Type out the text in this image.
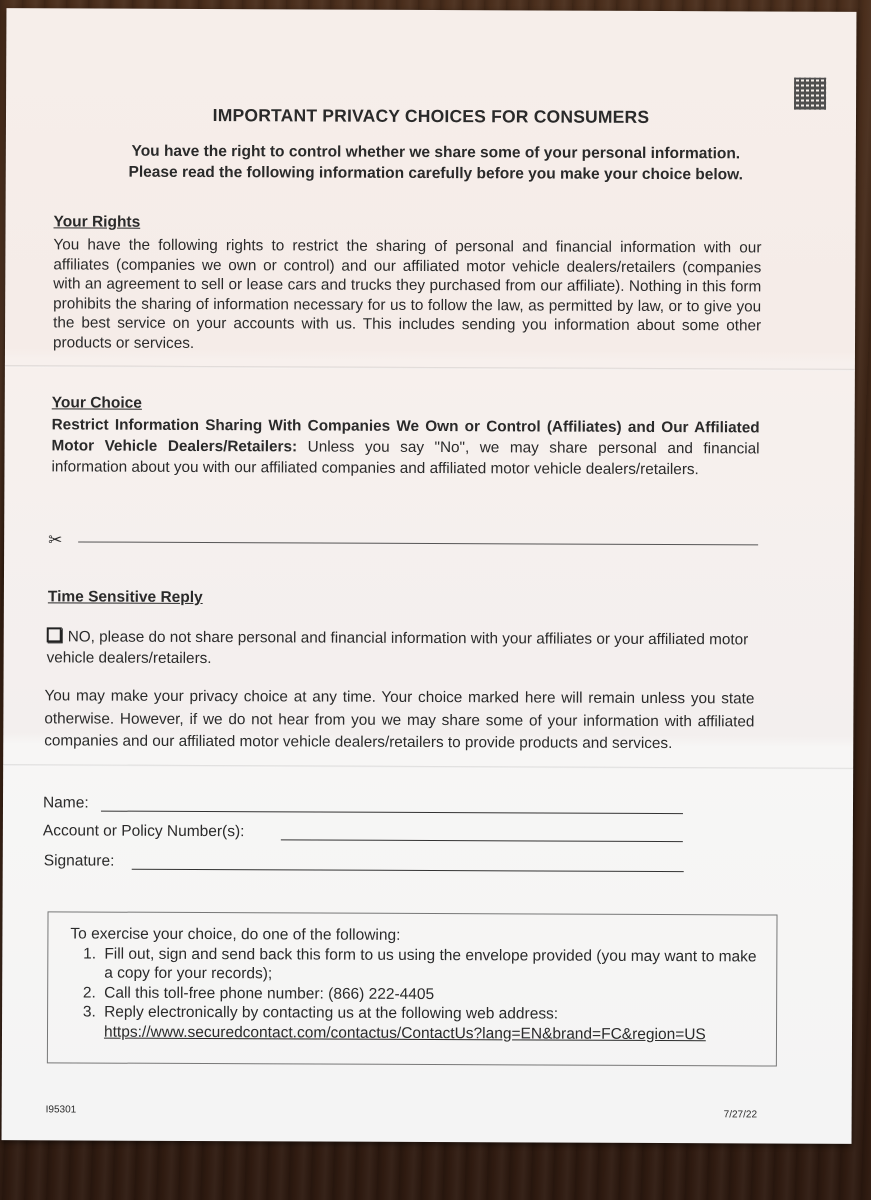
IMPORTANT PRIVACY CHOICES FOR CONSUMERS
You have the right to control whether we share some of your personal information.
Please read the following information carefully before you make your choice below.
Your Rights
You have the following rights to restrict the sharing of personal and financial information with our affiliates (companies we own or control) and our affiliated motor vehicle dealers/retailers (companies with an agreement to sell or lease cars and trucks they purchased from our affiliate). Nothing in this form prohibits the sharing of information necessary for us to follow the law, as permitted by law, or to give you the best service on your accounts with us. This includes sending you information about some other products or services.
Your Choice
Restrict Information Sharing With Companies We Own or Control (Affiliates) and Our Affiliated Motor Vehicle Dealers/Retailers: Unless you say "No", we may share personal and financial information about you with our affiliated companies and affiliated motor vehicle dealers/retailers.
✂
Time Sensitive Reply
NO, please do not share personal and financial information with your affiliates or your affiliated motor vehicle dealers/retailers.
You may make your privacy choice at any time. Your choice marked here will remain unless you state otherwise. However, if we do not hear from you we may share some of your information with affiliated companies and our affiliated motor vehicle dealers/retailers to provide products and services.
Name:
Account or Policy Number(s):
Signature:
To exercise your choice, do one of the following:
1. Fill out, sign and send back this form to us using the envelope provided (you may want to make a copy for your records);
2. Call this toll-free phone number: (866) 222-4405
3. Reply electronically by contacting us at the following web address:
https://www.securedcontact.com/contactus/ContactUs?lang=EN&brand=FC&region=US
I95301	7/27/22
